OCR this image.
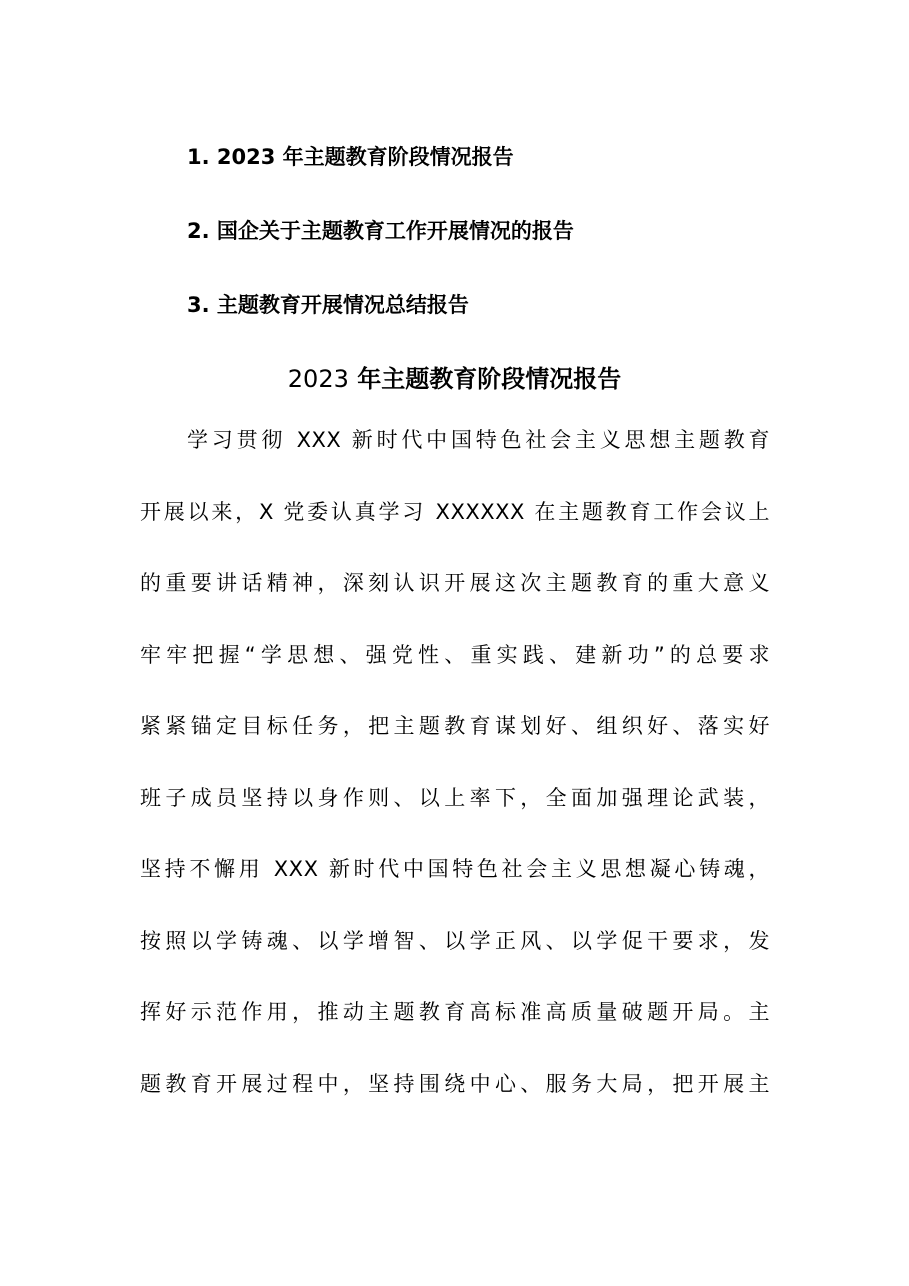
1. 2023 年主题教育阶段情况报告
2. 国企关于主题教育工作开展情况的报告
3. 主题教育开展情况总结报告
2023 年主题教育阶段情况报告
学习贯彻 XXX 新时代中国特色社会主义思想主题教育
开展以来，X 党委认真学习 XXXXXX 在主题教育工作会议上
的重要讲话精神，深刻认识开展这次主题教育的重大意义
牢牢把握“学思想、强党性、重实践、建新功”的总要求
紧紧锚定目标任务，把主题教育谋划好、组织好、落实好
班子成员坚持以身作则、以上率下，全面加强理论武装，
坚持不懈用 XXX 新时代中国特色社会主义思想凝心铸魂，
按照以学铸魂、以学增智、以学正风、以学促干要求，发
挥好示范作用，推动主题教育高标准高质量破题开局。主
题教育开展过程中，坚持围绕中心、服务大局，把开展主
